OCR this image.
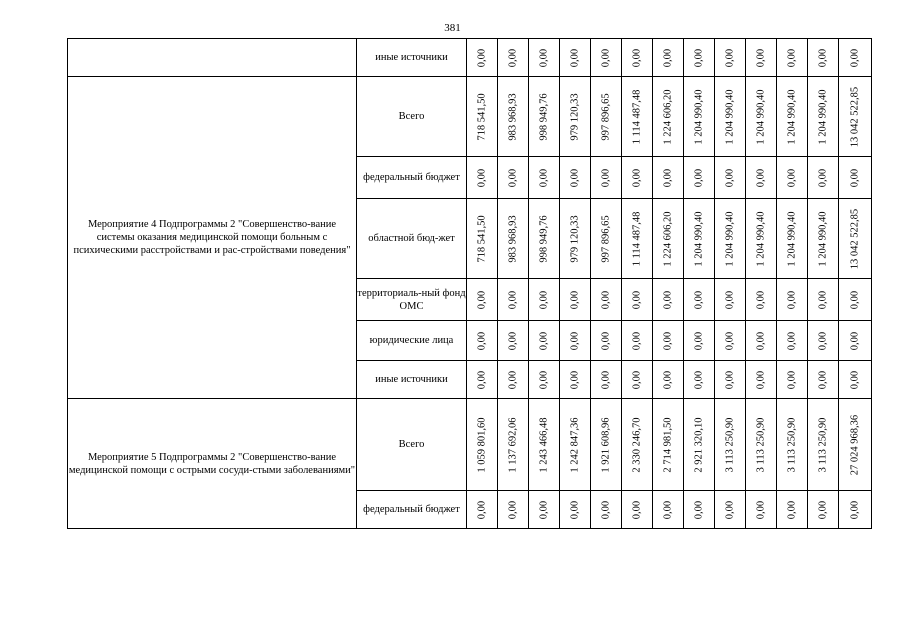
381
	иные источники	0,00	0,00	0,00	0,00	0,00	0,00	0,00	0,00	0,00	0,00	0,00	0,00	0,00

Мероприятие 4 Подпрограммы 2 "Совершенство-вание системы оказания медицинской помощи больным с психическими расстройствами и рас-стройствами поведения"	Всего	718 541,50	983 968,93	998 949,76	979 120,33	997 896,65	1 114 487,48	1 224 606,20	1 204 990,40	1 204 990,40	1 204 990,40	1 204 990,40	1 204 990,40	13 042 522,85

	федеральный бюджет	0,00	0,00	0,00	0,00	0,00	0,00	0,00	0,00	0,00	0,00	0,00	0,00	0,00

	областной бюд-жет	718 541,50	983 968,93	998 949,76	979 120,33	997 896,65	1 114 487,48	1 224 606,20	1 204 990,40	1 204 990,40	1 204 990,40	1 204 990,40	1 204 990,40	13 042 522,85

	территориаль-ный фонд ОМС	0,00	0,00	0,00	0,00	0,00	0,00	0,00	0,00	0,00	0,00	0,00	0,00	0,00

	юридические лица	0,00	0,00	0,00	0,00	0,00	0,00	0,00	0,00	0,00	0,00	0,00	0,00	0,00

	иные источники	0,00	0,00	0,00	0,00	0,00	0,00	0,00	0,00	0,00	0,00	0,00	0,00	0,00

Мероприятие 5 Подпрограммы 2 "Совершенство-вание медицинской помощи с острыми сосуди-стыми заболеваниями"	Всего	1 059 801,60	1 137 692,06	1 243 466,48	1 242 847,36	1 921 608,96	2 330 246,70	2 714 981,50	2 921 320,10	3 113 250,90	3 113 250,90	3 113 250,90	3 113 250,90	27 024 968,36

	федеральный бюджет	0,00	0,00	0,00	0,00	0,00	0,00	0,00	0,00	0,00	0,00	0,00	0,00	0,00
